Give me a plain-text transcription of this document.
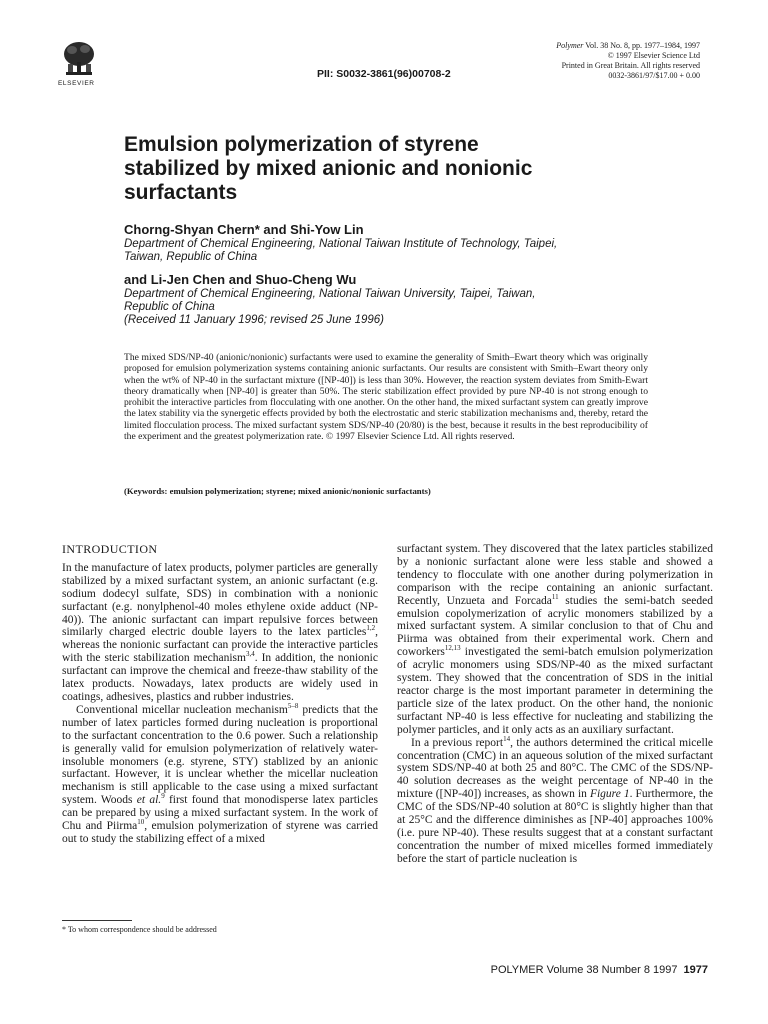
ELSEVIER
PII: S0032-3861(96)00708-2
Polymer Vol. 38 No. 8, pp. 1977–1984, 1997
© 1997 Elsevier Science Ltd
Printed in Great Britain. All rights reserved
0032-3861/97/$17.00 + 0.00
Emulsion polymerization of styrene
stabilized by mixed anionic and nonionic
surfactants
Chorng-Shyan Chern* and Shi-Yow Lin
Department of Chemical Engineering, National Taiwan Institute of Technology, Taipei,
Taiwan, Republic of China
and Li-Jen Chen and Shuo-Cheng Wu
Department of Chemical Engineering, National Taiwan University, Taipei, Taiwan,
Republic of China
(Received 11 January 1996; revised 25 June 1996)
The mixed SDS/NP-40 (anionic/nonionic) surfactants were used to examine the generality of Smith–Ewart theory which was originally proposed for emulsion polymerization systems containing anionic surfactants. Our results are consistent with Smith–Ewart theory only when the wt% of NP-40 in the surfactant mixture ([NP-40]) is less than 30%. However, the reaction system deviates from Smith-Ewart theory dramatically when [NP-40] is greater than 50%. The steric stabilization effect provided by pure NP-40 is not strong enough to prohibit the interactive particles from flocculating with one another. On the other hand, the mixed surfactant system can greatly improve the latex stability via the synergetic effects provided by both the electrostatic and steric stabilization mechanisms and, thereby, retard the limited flocculation process. The mixed surfactant system SDS/NP-40 (20/80) is the best, because it results in the best reproducibility of the experiment and the greatest polymerization rate. © 1997 Elsevier Science Ltd. All rights reserved.
(Keywords: emulsion polymerization; styrene; mixed anionic/nonionic surfactants)
INTRODUCTION

In the manufacture of latex products, polymer particles are generally stabilized by a mixed surfactant system, an anionic surfactant (e.g. sodium dodecyl sulfate, SDS) in combination with a nonionic surfactant (e.g. nonylphenol-40 moles ethylene oxide adduct (NP-40)). The anionic surfactant can impart repulsive forces between similarly charged electric double layers to the latex particles$^{1,2}$, whereas the nonionic surfactant can provide the interactive particles with the steric stabilization mechanism$^{3,4}$. In addition, the nonionic surfactant can improve the chemical and freeze-thaw stability of the latex products. Nowadays, latex products are widely used in coatings, adhesives, plastics and rubber industries.

Conventional micellar nucleation mechanism$^{5-8}$ predicts that the number of latex particles formed during nucleation is proportional to the surfactant concentration to the 0.6 power. Such a relationship is generally valid for emulsion polymerization of relatively water-insoluble monomers (e.g. styrene, STY) stablized by an anionic surfactant. However, it is unclear whether the micellar nucleation mechanism is still applicable to the case using a mixed surfactant system. Woods et al.$^9$ first found that monodisperse latex particles can be prepared by using a mixed surfactant system. In the work of Chu and Piirma$^{10}$, emulsion polymerization of styrene was carried out to study the stabilizing effect of a mixed

surfactant system. They discovered that the latex particles stabilized by a nonionic surfactant alone were less stable and showed a tendency to flocculate with one another during polymerization in comparison with the recipe containing an anionic surfactant. Recently, Unzueta and Forcada$^{11}$ studies the semi-batch seeded emulsion copolymerization of acrylic monomers stabilized by a mixed surfactant system. A similar conclusion to that of Chu and Piirma was obtained from their experimental work. Chern and coworkers$^{12,13}$ investigated the semi-batch emulsion polymerization of acrylic monomers using SDS/NP-40 as the mixed surfactant system. They showed that the concentration of SDS in the initial reactor charge is the most important parameter in determining the particle size of the latex product. On the other hand, the nonionic surfactant NP-40 is less effective for nucleating and stabilizing the polymer particles, and it only acts as an auxiliary surfactant.

In a previous report$^{14}$, the authors determined the critical micelle concentration (CMC) in an aqueous solution of the mixed surfactant system SDS/NP-40 at both 25 and 80°C. The CMC of the SDS/NP-40 solution decreases as the weight percentage of NP-40 in the mixture ([NP-40]) increases, as shown in Figure 1. Furthermore, the CMC of the SDS/NP-40 solution at 80°C is slightly higher than that at 25°C and the difference diminishes as [NP-40] approaches 100% (i.e. pure NP-40). These results suggest that at a constant surfactant concentration the number of mixed micelles formed immediately before the start of particle nucleation is

* To whom correspondence should be addressed
POLYMER Volume 38 Number 8 1997 1977
